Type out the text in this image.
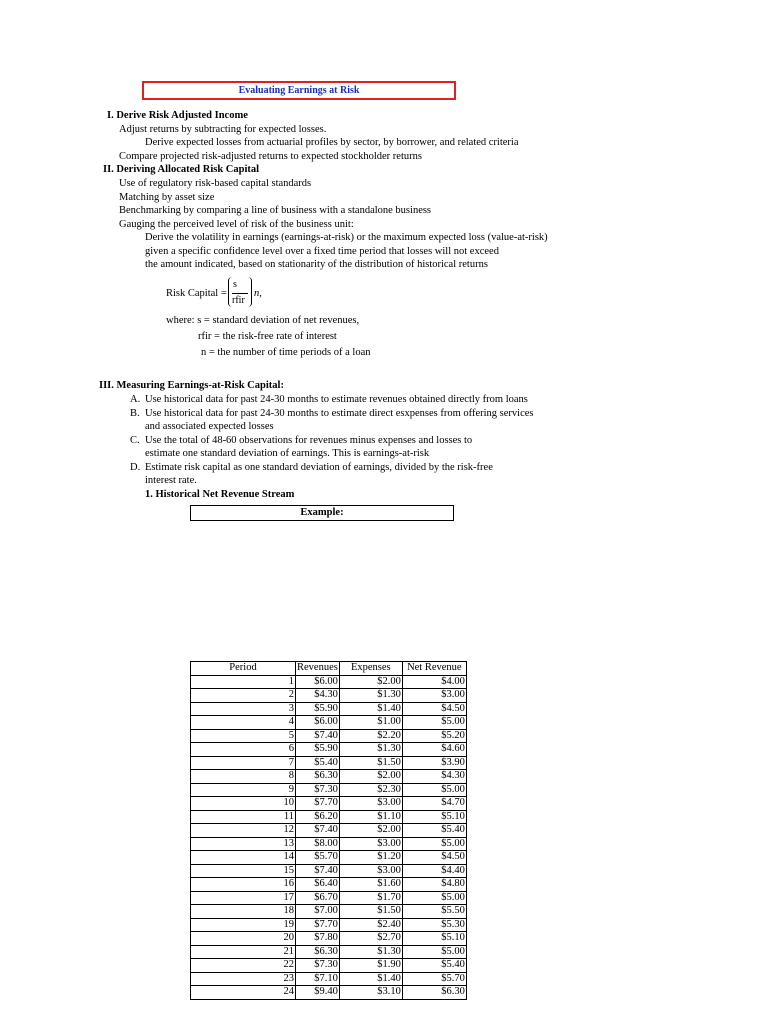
Evaluating Earnings at Risk
I. Derive Risk Adjusted Income
Adjust returns by subtracting for expected losses.
Derive expected losses from actuarial profiles by sector, by borrower, and related criteria
Compare projected risk-adjusted returns to expected stockholder returns
II. Deriving Allocated Risk Capital
Use of regulatory risk-based capital standards
Matching by asset size
Benchmarking by comparing a line of business with a standalone business
Gauging the perceived level of risk of the business unit:
Derive the volatility in earnings (earnings-at-risk) or the maximum expected loss (value-at-risk)
given a specific confidence level over a fixed time period that losses will not exceed
the amount indicated, based on stationarity of the distribution of historical returns
Risk Capital =
s
rfir
n,
where: s = standard deviation of net revenues,
rfir = the risk-free rate of interest
n = the number of time periods of a loan
III. Measuring Earnings-at-Risk Capital:
A. Use historical data for past 24-30 months to estimate revenues obtained directly from loans
B. Use historical data for past 24-30 months to estimate direct esxpenses from offering services
and associated expected losses
C. Use the total of 48-60 observations for revenues minus expenses and losses to
estimate one standard deviation of earnings. This is earnings-at-risk
D. Estimate risk capital as one standard deviation of earnings, divided by the risk-free
interest rate.
1. Historical Net Revenue Stream
Example:
Period	Revenues	Expenses	Net Revenue
1	$6.00	$2.00	$4.00
2	$4.30	$1.30	$3.00
3	$5.90	$1.40	$4.50
4	$6.00	$1.00	$5.00
5	$7.40	$2.20	$5.20
6	$5.90	$1.30	$4.60
7	$5.40	$1.50	$3.90
8	$6.30	$2.00	$4.30
9	$7.30	$2.30	$5.00
10	$7.70	$3.00	$4.70
11	$6.20	$1.10	$5.10
12	$7.40	$2.00	$5.40
13	$8.00	$3.00	$5.00
14	$5.70	$1.20	$4.50
15	$7.40	$3.00	$4.40
16	$6.40	$1.60	$4.80
17	$6.70	$1.70	$5.00
18	$7.00	$1.50	$5.50
19	$7.70	$2.40	$5.30
20	$7.80	$2.70	$5.10
21	$6.30	$1.30	$5.00
22	$7.30	$1.90	$5.40
23	$7.10	$1.40	$5.70
24	$9.40	$3.10	$6.30
